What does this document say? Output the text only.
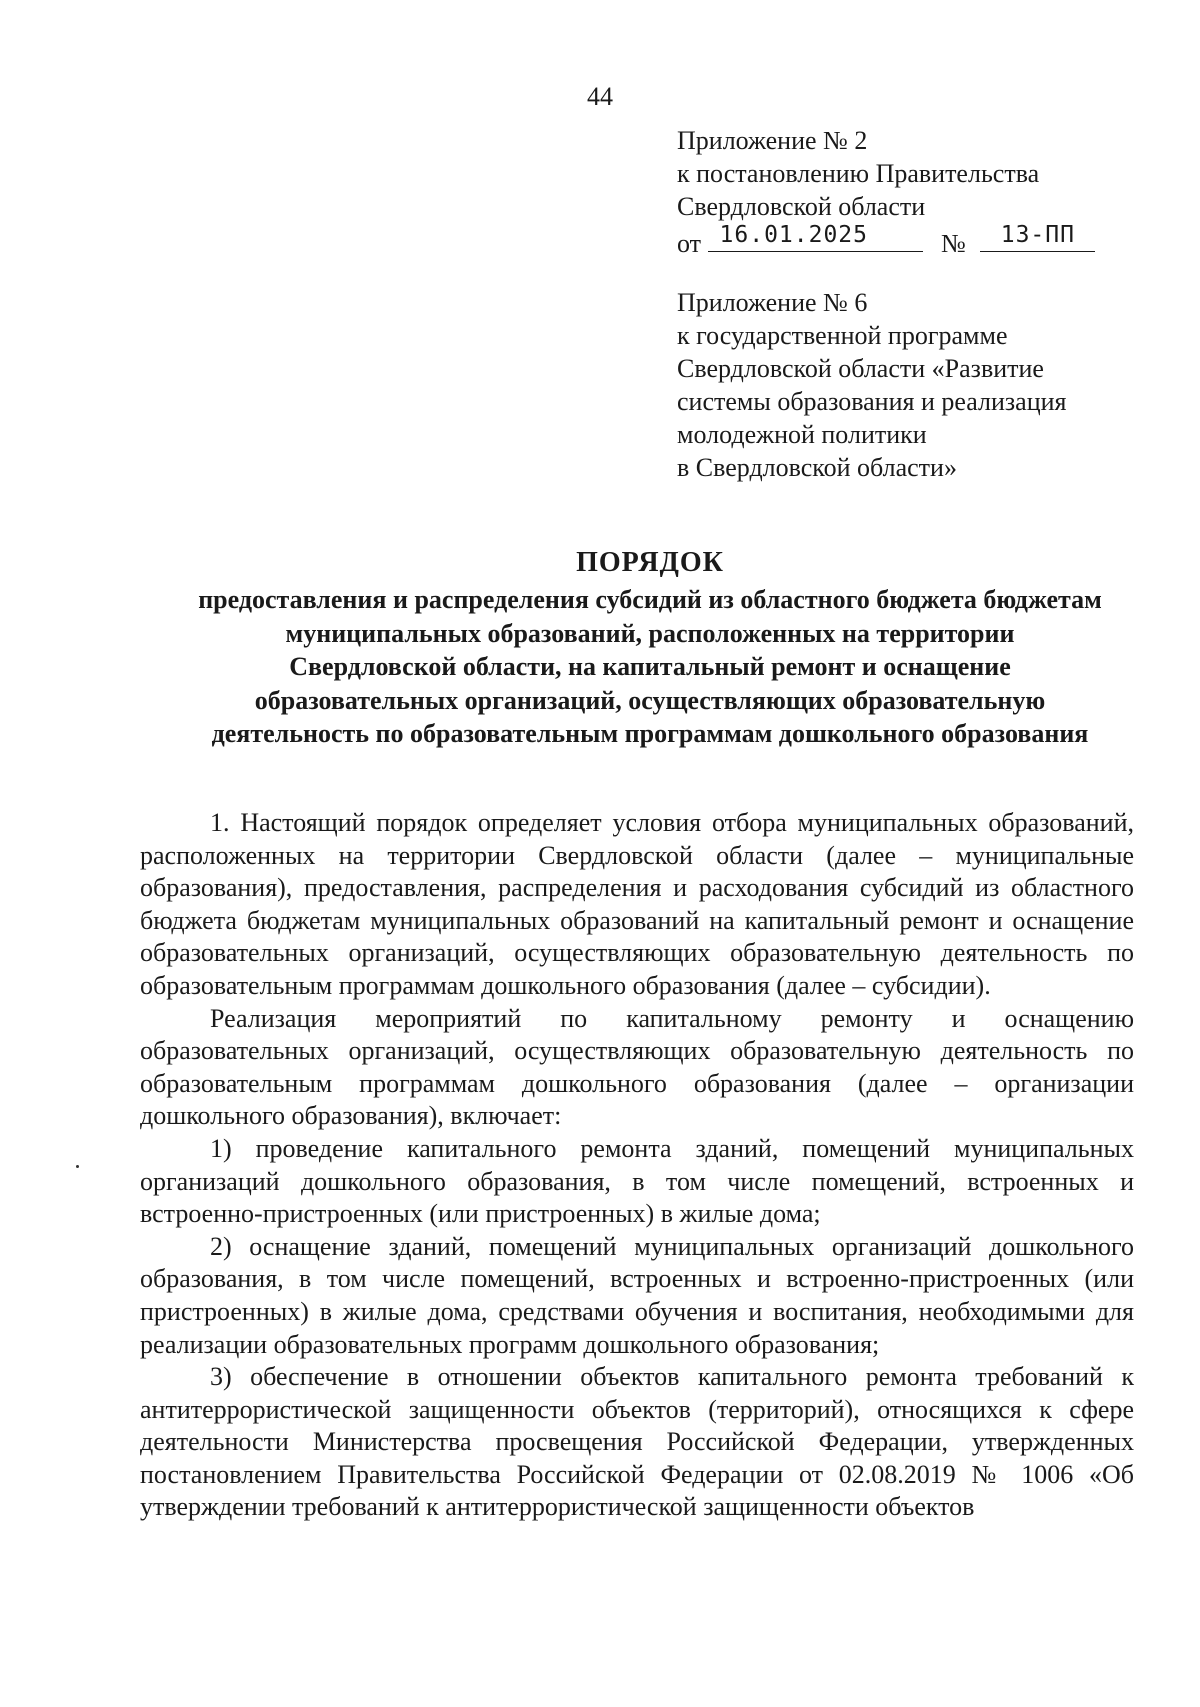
44
Приложение № 2
к постановлению Правительства
Свердловской области
от 16.01.2025	№	13-ПП
Приложение № 6
к государственной программе
Свердловской области «Развитие
системы образования и реализация
молодежной политики
в Свердловской области»
ПОРЯДОК
предоставления и распределения субсидий из областного бюджета бюджетам
муниципальных образований, расположенных на территории
Свердловской области, на капитальный ремонт и оснащение
образовательных организаций, осуществляющих образовательную
деятельность по образовательным программам дошкольного образования

1. Настоящий порядок определяет условия отбора муниципальных образований, расположенных на территории Свердловской области (далее – муниципальные образования), предоставления, распределения и расходования субсидий из областного бюджета бюджетам муниципальных образований на капитальный ремонт и оснащение образовательных организаций, осуществляющих образовательную деятельность по образовательным программам дошкольного образования (далее – субсидии).

Реализация мероприятий по капитальному ремонту и оснащению образовательных организаций, осуществляющих образовательную деятельность по образовательным программам дошкольного образования (далее – организации дошкольного образования), включает:

1) проведение капитального ремонта зданий, помещений муниципальных организаций дошкольного образования, в том числе помещений, встроенных и встроенно-пристроенных (или пристроенных) в жилые дома;

2) оснащение зданий, помещений муниципальных организаций дошкольного образования, в том числе помещений, встроенных и встроенно-пристроенных (или пристроенных) в жилые дома, средствами обучения и воспитания, необходимыми для реализации образовательных программ дошкольного образования;

3) обеспечение в отношении объектов капитального ремонта требований к антитеррористической защищенности объектов (территорий), относящихся к сфере деятельности Министерства просвещения Российской Федерации, утвержденных постановлением Правительства Российской Федерации от 02.08.2019 № 1006 «Об утверждении требований к антитеррористической защищенности объектов
